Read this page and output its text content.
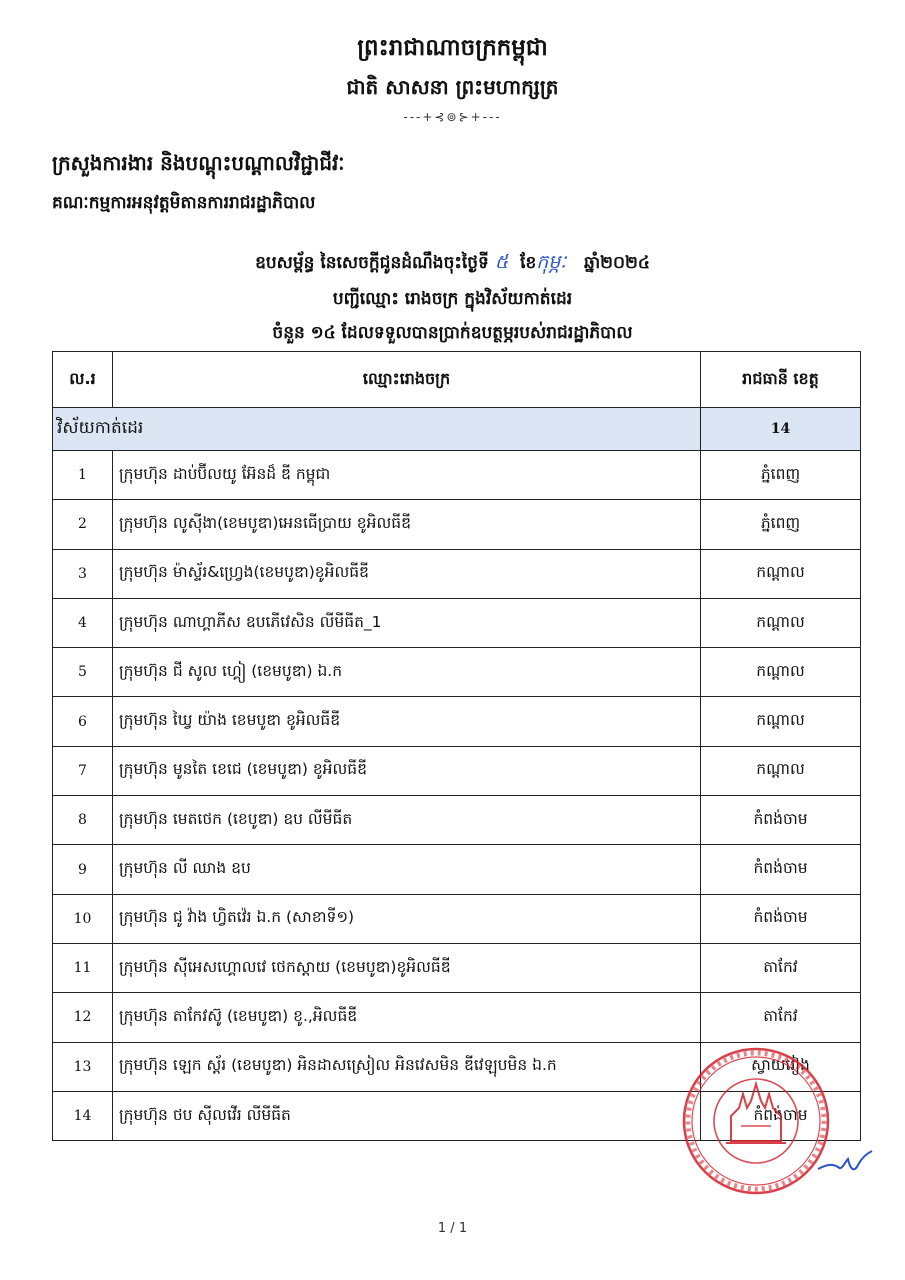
ព្រះរាជាណាចក្រកម្ពុជា
ជាតិ សាសនា ព្រះមហាក្សត្រ
---+⊰⊚⊱+---
ក្រសួងការងារ និងបណ្តុះបណ្តាលវិជ្ជាជីវៈ
គណៈកម្មការអនុវត្តមិតានការរាជរដ្ឋាភិបាល
ឧបសម្ព័ន្ធ នៃសេចក្តីជូនដំណឹងចុះថ្ងៃទី ៥ ខែកុម្ភៈ ឆ្នាំ២០២៤
បញ្ជីឈ្មោះ រោងចក្រ ក្នុងវិស័យកាត់ដេរ
ចំនួន ១៤ ដែលទទួលបានប្រាក់ឧបត្ថម្ភរបស់រាជរដ្ឋាភិបាល
ល.រ	ឈ្មោះរោងចក្រ	រាជធានី ខេត្ត
វិស័យកាត់ដេរ		14
1	ក្រុមហ៊ុន ដាប់ប៊ីលយូ អ៊ែនដ៏ ឌី កម្ពុជា	ភ្នំពេញ
2	ក្រុមហ៊ុន លូស៊ីងា(ខេមបូឌា)អេនធើប្រាយ ខូអិលធីឌី	ភ្នំពេញ
3	ក្រុមហ៊ុន ម៉ាស្ទ័រ&ហ្វ្រេង(ខេមបូឌា)ខូអិលធីឌី	កណ្តាល
4	ក្រុមហ៊ុន ណាហ្គាភីស ឧបភើវេសិន លីមីធីត_1	កណ្តាល
5	ក្រុមហ៊ុន ជី សូល ហ្គៀ (ខេមបូឌា) ឯ.ក	កណ្តាល
6	ក្រុមហ៊ុន ឃ្វៃ យ៉ាង ខេមបូឌា ខូអិលធីឌី	កណ្តាល
7	ក្រុមហ៊ុន មូនតៃ ខេជេ (ខេមបូឌា) ខូអិលធីឌី	កណ្តាល
8	ក្រុមហ៊ុន មេតថេក (ខេបូឌា) ឧប លីមីធីត	កំពង់ចាម
9	ក្រុមហ៊ុន លី ឈាង ឧប	កំពង់ចាម
10	ក្រុមហ៊ុន ជូ វ៉ាង ហ្វិតវ៉េរ ឯ.ក (សាខាទី១)	កំពង់ចាម
11	ក្រុមហ៊ុន ស៊ីអេសហ្គោលវេ ថេកស្តាយ (ខេមបូឌា)ខូអិលធីឌី	តាកែវ
12	ក្រុមហ៊ុន តាកែវស៊ូ (ខេមបូឌា) ខូ.,អិលធីឌី	តាកែវ
13	ក្រុមហ៊ុន ឡេក ស្ត័រ (ខេមបូឌា) អិនដាសស្រៀល អិនវេសមិន ឌីវេឡុបមិន ឯ.ក	ស្វាយរៀង
14	ក្រុមហ៊ុន ថប ស៊ីលវើរ លីមីធីត	កំពង់ចាម
1 / 1
